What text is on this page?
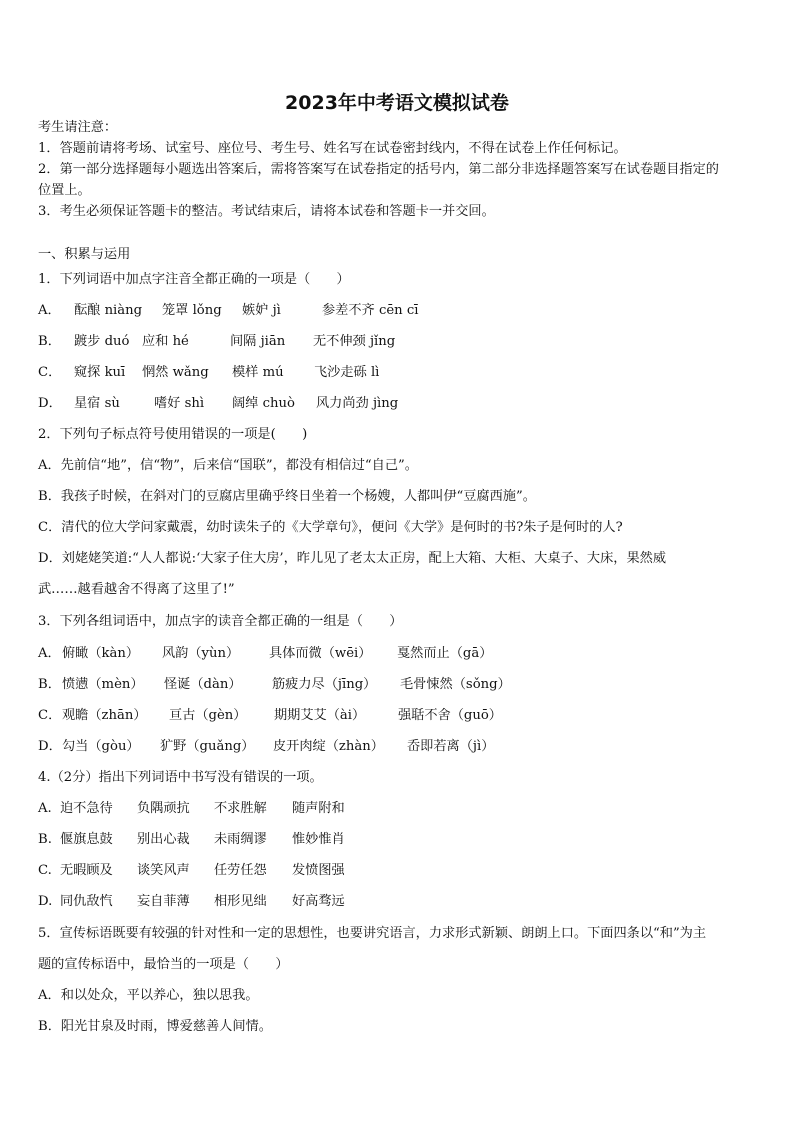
2023年中考语文模拟试卷
考生请注意：
1．答题前请将考场、试室号、座位号、考生号、姓名写在试卷密封线内，不得在试卷上作任何标记。
2．第一部分选择题每小题选出答案后，需将答案写在试卷指定的括号内，第二部分非选择题答案写在试卷题目指定的
位置上。
3．考生必须保证答题卡的整洁。考试结束后，请将本试卷和答题卡一并交回。
一、积累与运用
1．下列词语中加点字注音全都正确的一项是（　　）
A． 酝酿 niàng 笼罩 lǒng 嫉妒 jì	参差不齐 cēn cī
B． 踱步 duó 应和 hé	间隔 jiān 无不伸颈 jǐng
C． 窥探 kuī 惘然 wǎng 模样 mú 飞沙走砾 lì
D． 星宿 sù	嗜好 shì 阔绰 chuò 风力尚劲 jìng
2．下列句子标点符号使用错误的一项是(　　)
A．先前信“地”，信“物”，后来信“国联”，都没有相信过“自己”。
B．我孩子时候，在斜对门的豆腐店里确乎终日坐着一个杨嫂，人都叫伊“豆腐西施”。
C．清代的位大学问家戴震，幼时读朱子的《大学章句》，便问《大学》是何时的书?朱子是何时的人?
D．刘姥姥笑道:“人人都说:‘大家子住大房’，昨儿见了老太太正房，配上大箱、大柜、大桌子、大床，果然威
武……越看越舍不得离了这里了!”
3．下列各组词语中，加点字的读音全都正确的一组是（　　）
A．俯瞰（kàn） 风韵（yùn） 具体而微（wēi） 戛然而止（gā）
B．愤懑（mèn） 怪诞（dàn） 筋疲力尽（jīng） 毛骨悚然（sǒng）
C．观瞻（zhān） 亘古（gèn） 期期艾艾（ài） 强聒不舍（guō）
D．勾当（gòu） 犷野（guǎng） 皮开肉绽（zhàn） 岙即若离（jì）
4.（2分）指出下列词语中书写没有错误的一项。
A. 迫不急待 负隅顽抗 不求胜解 随声附和
B. 偃旗息鼓 别出心裁 未雨绸谬 惟妙惟肖
C. 无暇顾及 谈笑风声 任劳任怨 发愤图强
D. 同仇敌忾 妄自菲薄 相形见绌 好高骛远
5．宣传标语既要有较强的针对性和一定的思想性，也要讲究语言，力求形式新颖、朗朗上口。下面四条以“和”为主
题的宣传标语中，最恰当的一项是（　　）
A．和以处众，平以养心，独以思我。
B．阳光甘泉及时雨，博爱慈善人间情。
